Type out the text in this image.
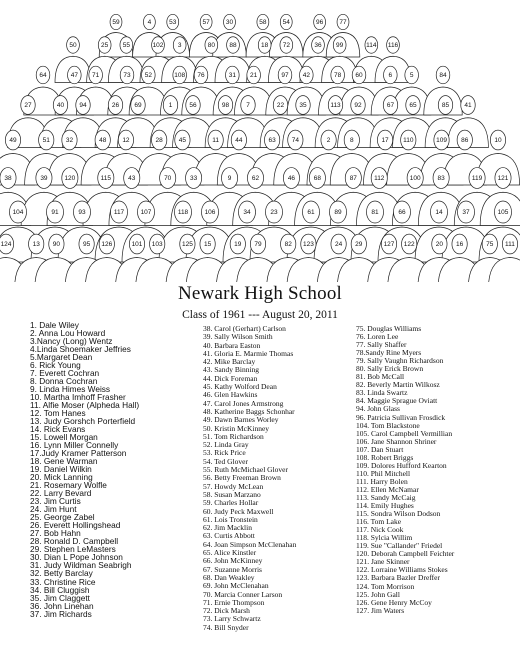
59	4	53	57 30	58 54	96 77
50	25 55	102 3	80 88	18 72	36 99	114 116
64	47 71	73 52	108 76	31 21	97 42	78 60	6	5	84
27	40 94	26 69	1	56	98	7	22 35	113 92	67 65	85 41
49	51 32	48 12	28 45	11 44	63 74	2	8	17 110	109 86	10
38	39	120	115	43	70	33	9	62	46	68	87	112	100	83	119 121
104	91	93	117	107	118	106	34	23	61	89	81	66	14	37	105
124	13 90	95 126	101 103	125 15	19 79	82 123	24 29	127 122	20 16	75 111
Newark High School
Class of 1961 --- August 20, 2011
1. Dale Wiley
2. Anna Lou Howard
3.Nancy (Long) Wentz
4.Linda Shoemaker Jeffries
5.Margaret Dean
6. Rick Young
7. Everett Cochran
8. Donna Cochran
9. Linda Himes Weiss
10. Martha Imhoff Frasher
11. Alfie Moser (Alpheda Hall)
12. Tom Hanes
13. Judy Gorshch Porterfield
14. Rick Evans
15. Lowell Morgan
16. Lynn Miller Connelly
17.Judy Kramer Patterson
18. Gene Warman
19. Daniel Wilkin
20. Mick Lanning
21. Rosemary Wolfle
22. Larry Bevard
23. Jim Curtis
24. Jim Hunt
25. George Zabel
26. Everett Hollingshead
27. Bob Hahn
28. Ronald D. Campbell
29. Stephen LeMasters
30. Dian L Pope Johnson
31. Judy Wildman Seabrigh
32. Betty Barclay
33. Christine Rice
34. Bill Cluggish
35. Jim Claggett
36. John Linehan
37. Jim Richards
38. Carol (Gerhart) Carlson
39. Sally Wilson Smith
40. Barbara Easton
41. Gloria E. Marmie Thomas
42. Mike Barclay
43. Sandy Binning
44. Dick Foreman
45. Kathy Wolford Dean
46. Glen Hawkins
47. Carol Jones Armstrong
48. Katherine Baggs Schonhar
49. Dawn Barnes Worley
50. Kristin McKinney
51. Tom Richardson
52. Linda Gray
53. Rick Price
54. Ted Glover
55. Ruth McMichael Glover
56. Betty Freeman Brown
57. Howdy McLean
58. Susan Marzano
59. Charles Hollar
60. Judy Peck Maxwell
61. Lois Tronstein
62. Jim Macklin
63. Curtis Abbott
64. Joan Simpson McClenahan
65. Alice Kinstler
66. John McKinney
67. Suzanne Morris
68. Dan Weakley
69. John McClenahan
70. Marcia Conner Larson
71. Ernie Thompson
72. Dick Marsh
73. Larry Schwartz
74. Bill Snyder
75. Douglas Williams
76. Loren Lee
77. Sally Shaffer
78.Sandy Rine Myers
79. Sally Vaughn Richardson
80. Sally Erick Brown
81. Bob McCall
82. Beverly Martin Wilkosz
83. Linda Swartz
84. Maggie Sprague Oviatt
94. John Glass
96. Patricia Sullivan Frosdick
104. Tom Blackstone
105. Carol Campbell Vermillian
106. Jane Shannon Shriner
107. Dan Stuart
108. Robert Briggs
109. Dolores Hufford Kearton
110. Phil Mitchell
111. Harry Bolen
112. Ellen McNamar
113. Sandy McCaig
114. Emily Hughes
115. Sondra Wilson Dodson
116. Tom Lake
117. Nick Cook
118. Sylcia Willim
119. Sue "Callander" Friedel
120. Deborah Campbell Feichter
121. Jane Skinner
122. Lorraine Williams Stokes
123. Barbara Bazler Dreffer
124. Tom Morrison
125. John Gall
126. Gene Henry McCoy
127. Jim Waters
